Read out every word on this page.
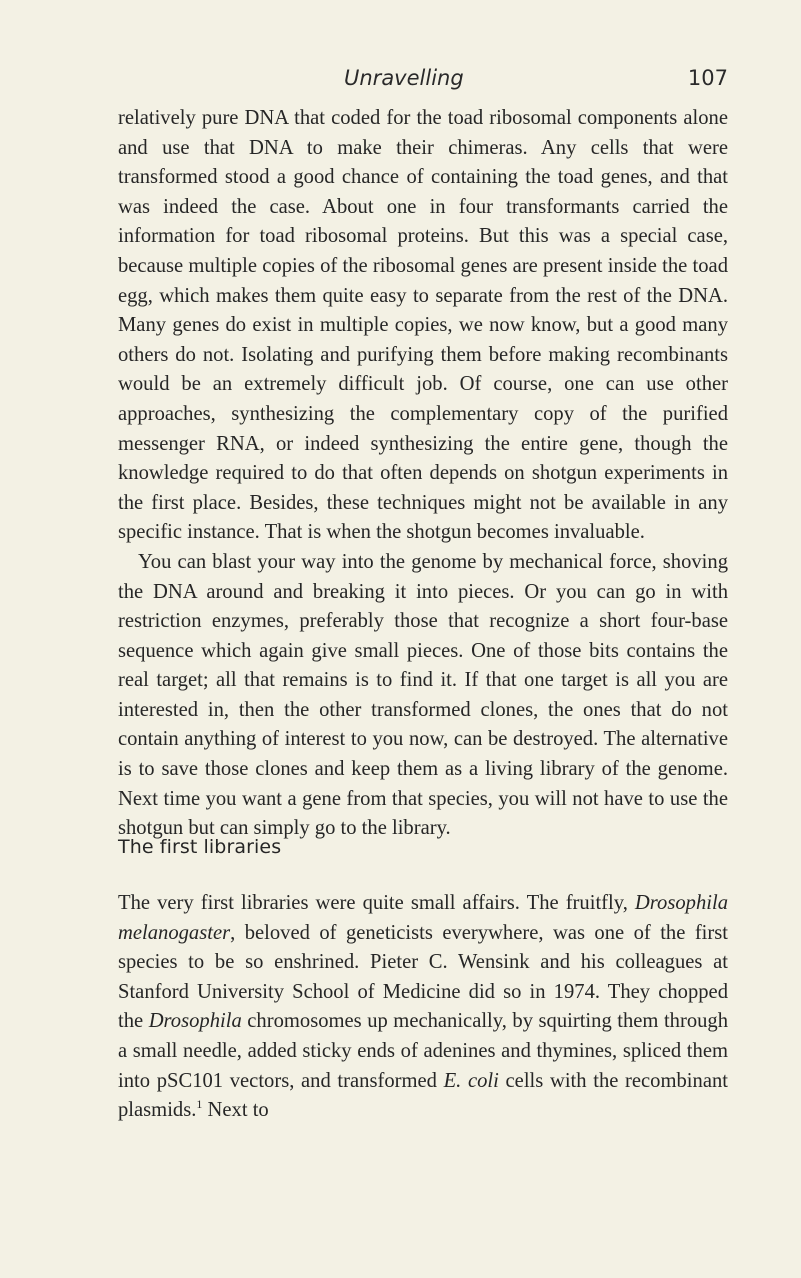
Unravelling	107

relatively pure DNA that coded for the toad ribosomal components alone and use that DNA to make their chimeras. Any cells that were transformed stood a good chance of containing the toad genes, and that was indeed the case. About one in four transformants carried the information for toad ribosomal proteins. But this was a special case, because multiple copies of the ribosomal genes are present inside the toad egg, which makes them quite easy to separate from the rest of the DNA. Many genes do exist in multiple copies, we now know, but a good many others do not. Isolating and purifying them before making recombinants would be an extremely difficult job. Of course, one can use other approaches, synthesizing the complementary copy of the purified messenger RNA, or indeed synthesizing the entire gene, though the knowledge required to do that often depends on shotgun experiments in the first place. Besides, these techniques might not be available in any specific instance. That is when the shotgun becomes invaluable.

You can blast your way into the genome by mechanical force, shoving the DNA around and breaking it into pieces. Or you can go in with restriction enzymes, preferably those that recognize a short four-base sequence which again give small pieces. One of those bits contains the real target; all that remains is to find it. If that one target is all you are interested in, then the other transformed clones, the ones that do not contain anything of interest to you now, can be destroyed. The alternative is to save those clones and keep them as a living library of the genome. Next time you want a gene from that species, you will not have to use the shotgun but can simply go to the library.

The first libraries

The very first libraries were quite small affairs. The fruitfly, Drosophila melanogaster, beloved of geneticists everywhere, was one of the first species to be so enshrined. Pieter C. Wensink and his colleagues at Stanford University School of Medicine did so in 1974. They chopped the Drosophila chromosomes up mechanically, by squirting them through a small needle, added sticky ends of adenines and thymines, spliced them into pSC101 vectors, and transformed E. coli cells with the recombinant plasmids.$^1$ Next to
